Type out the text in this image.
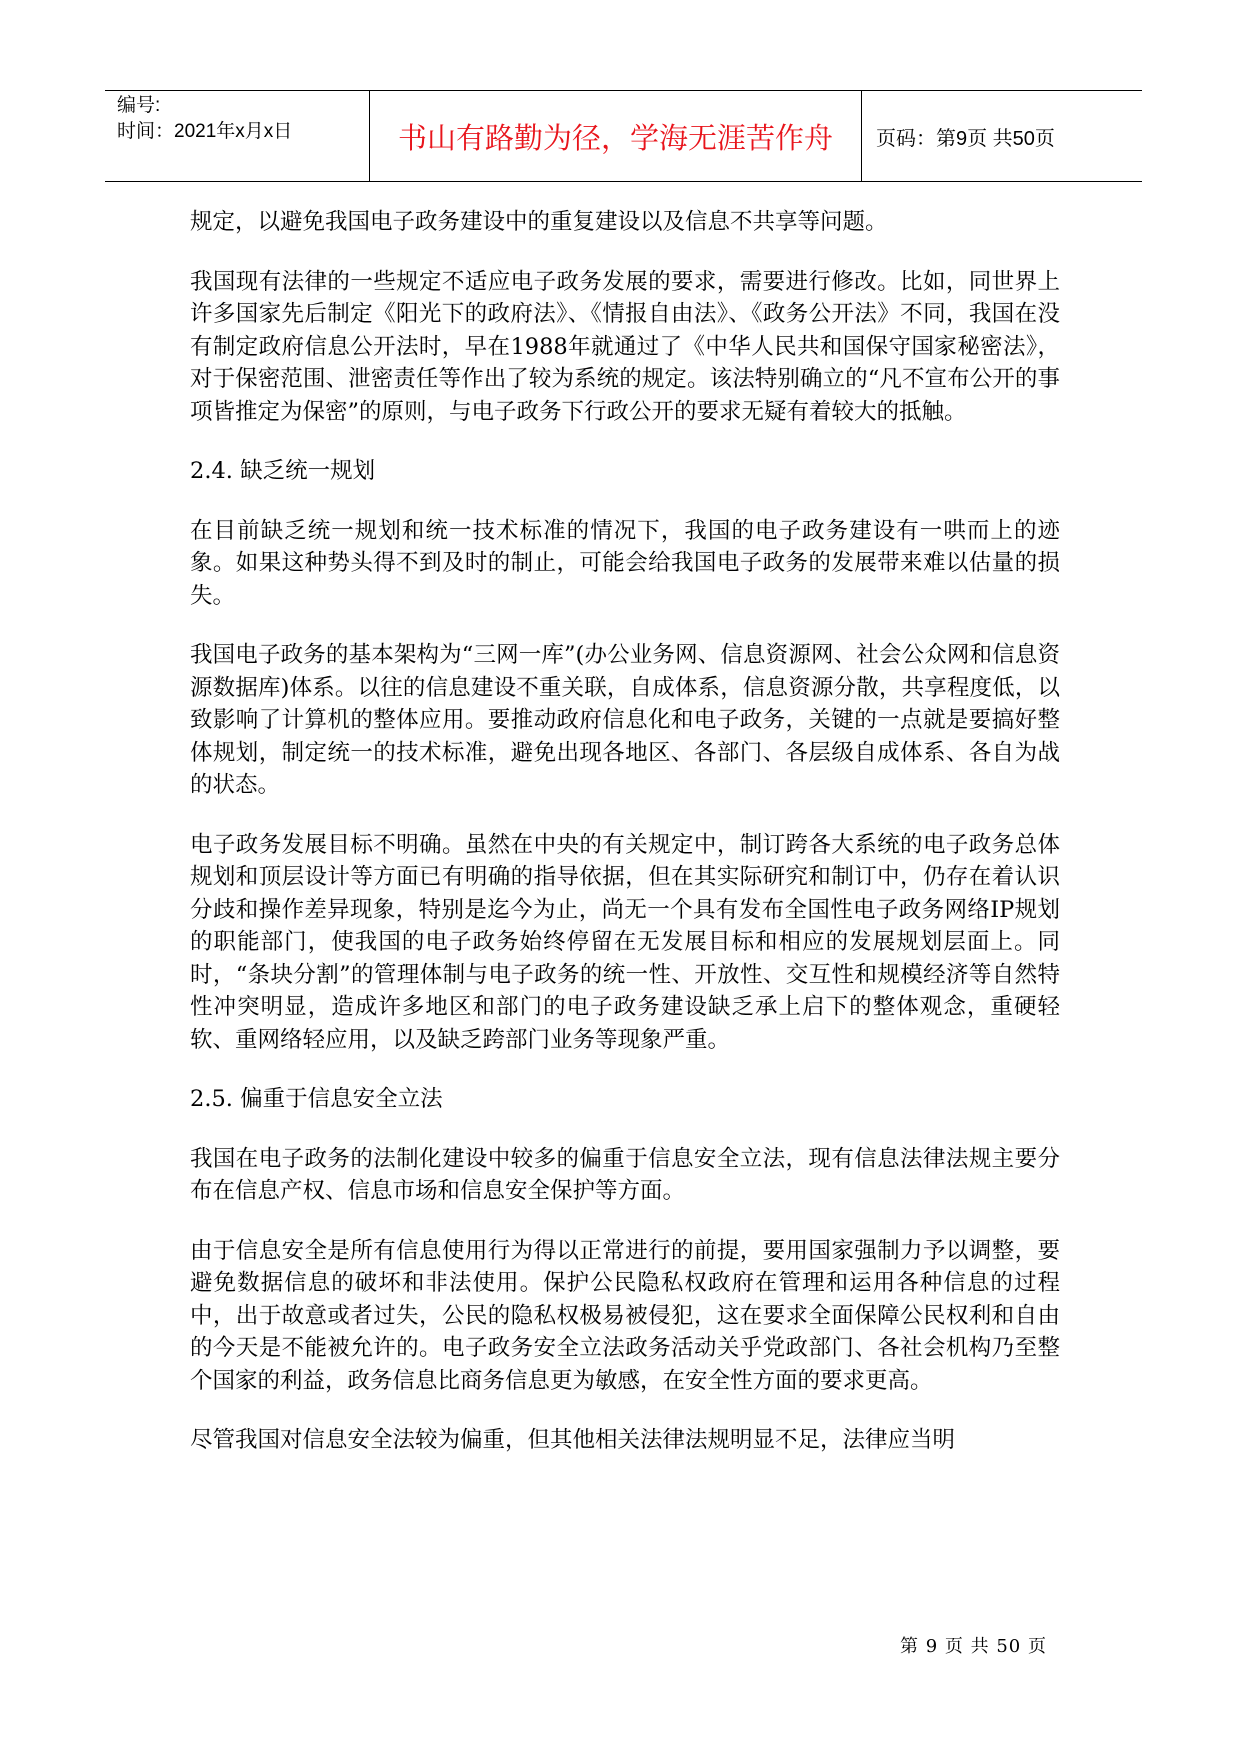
编号:
时间：2021年x月x日	书山有路勤为径，学海无涯苦作舟	页码：第9页 共50页

规定，以避免我国电子政务建设中的重复建设以及信息不共享等问题。

我国现有法律的一些规定不适应电子政务发展的要求，需要进行修改。比如，同世界上许多国家先后制定《阳光下的政府法》、《情报自由法》、《政务公开法》不同，我国在没有制定政府信息公开法时，早在1988年就通过了《中华人民共和国保守国家秘密法》，对于保密范围、泄密责任等作出了较为系统的规定。该法特别确立的“凡不宣布公开的事项皆推定为保密”的原则，与电子政务下行政公开的要求无疑有着较大的抵触。

2.4. 缺乏统一规划

在目前缺乏统一规划和统一技术标准的情况下，我国的电子政务建设有一哄而上的迹象。如果这种势头得不到及时的制止，可能会给我国电子政务的发展带来难以估量的损失。

我国电子政务的基本架构为“三网一库”(办公业务网、信息资源网、社会公众网和信息资源数据库)体系。以往的信息建设不重关联，自成体系，信息资源分散，共享程度低，以致影响了计算机的整体应用。要推动政府信息化和电子政务，关键的一点就是要搞好整体规划，制定统一的技术标准，避免出现各地区、各部门、各层级自成体系、各自为战的状态。

电子政务发展目标不明确。虽然在中央的有关规定中，制订跨各大系统的电子政务总体规划和顶层设计等方面已有明确的指导依据，但在其实际研究和制订中，仍存在着认识分歧和操作差异现象，特别是迄今为止，尚无一个具有发布全国性电子政务网络IP规划的职能部门，使我国的电子政务始终停留在无发展目标和相应的发展规划层面上。同时，“条块分割”的管理体制与电子政务的统一性、开放性、交互性和规模经济等自然特性冲突明显，造成许多地区和部门的电子政务建设缺乏承上启下的整体观念，重硬轻软、重网络轻应用，以及缺乏跨部门业务等现象严重。

2.5. 偏重于信息安全立法

我国在电子政务的法制化建设中较多的偏重于信息安全立法，现有信息法律法规主要分布在信息产权、信息市场和信息安全保护等方面。

由于信息安全是所有信息使用行为得以正常进行的前提，要用国家强制力予以调整，要避免数据信息的破坏和非法使用。保护公民隐私权政府在管理和运用各种信息的过程中，出于故意或者过失，公民的隐私权极易被侵犯，这在要求全面保障公民权利和自由的今天是不能被允许的。电子政务安全立法政务活动关乎党政部门、各社会机构乃至整个国家的利益，政务信息比商务信息更为敏感，在安全性方面的要求更高。

尽管我国对信息安全法较为偏重，但其他相关法律法规明显不足，法律应当明

第 9 页 共 50 页
